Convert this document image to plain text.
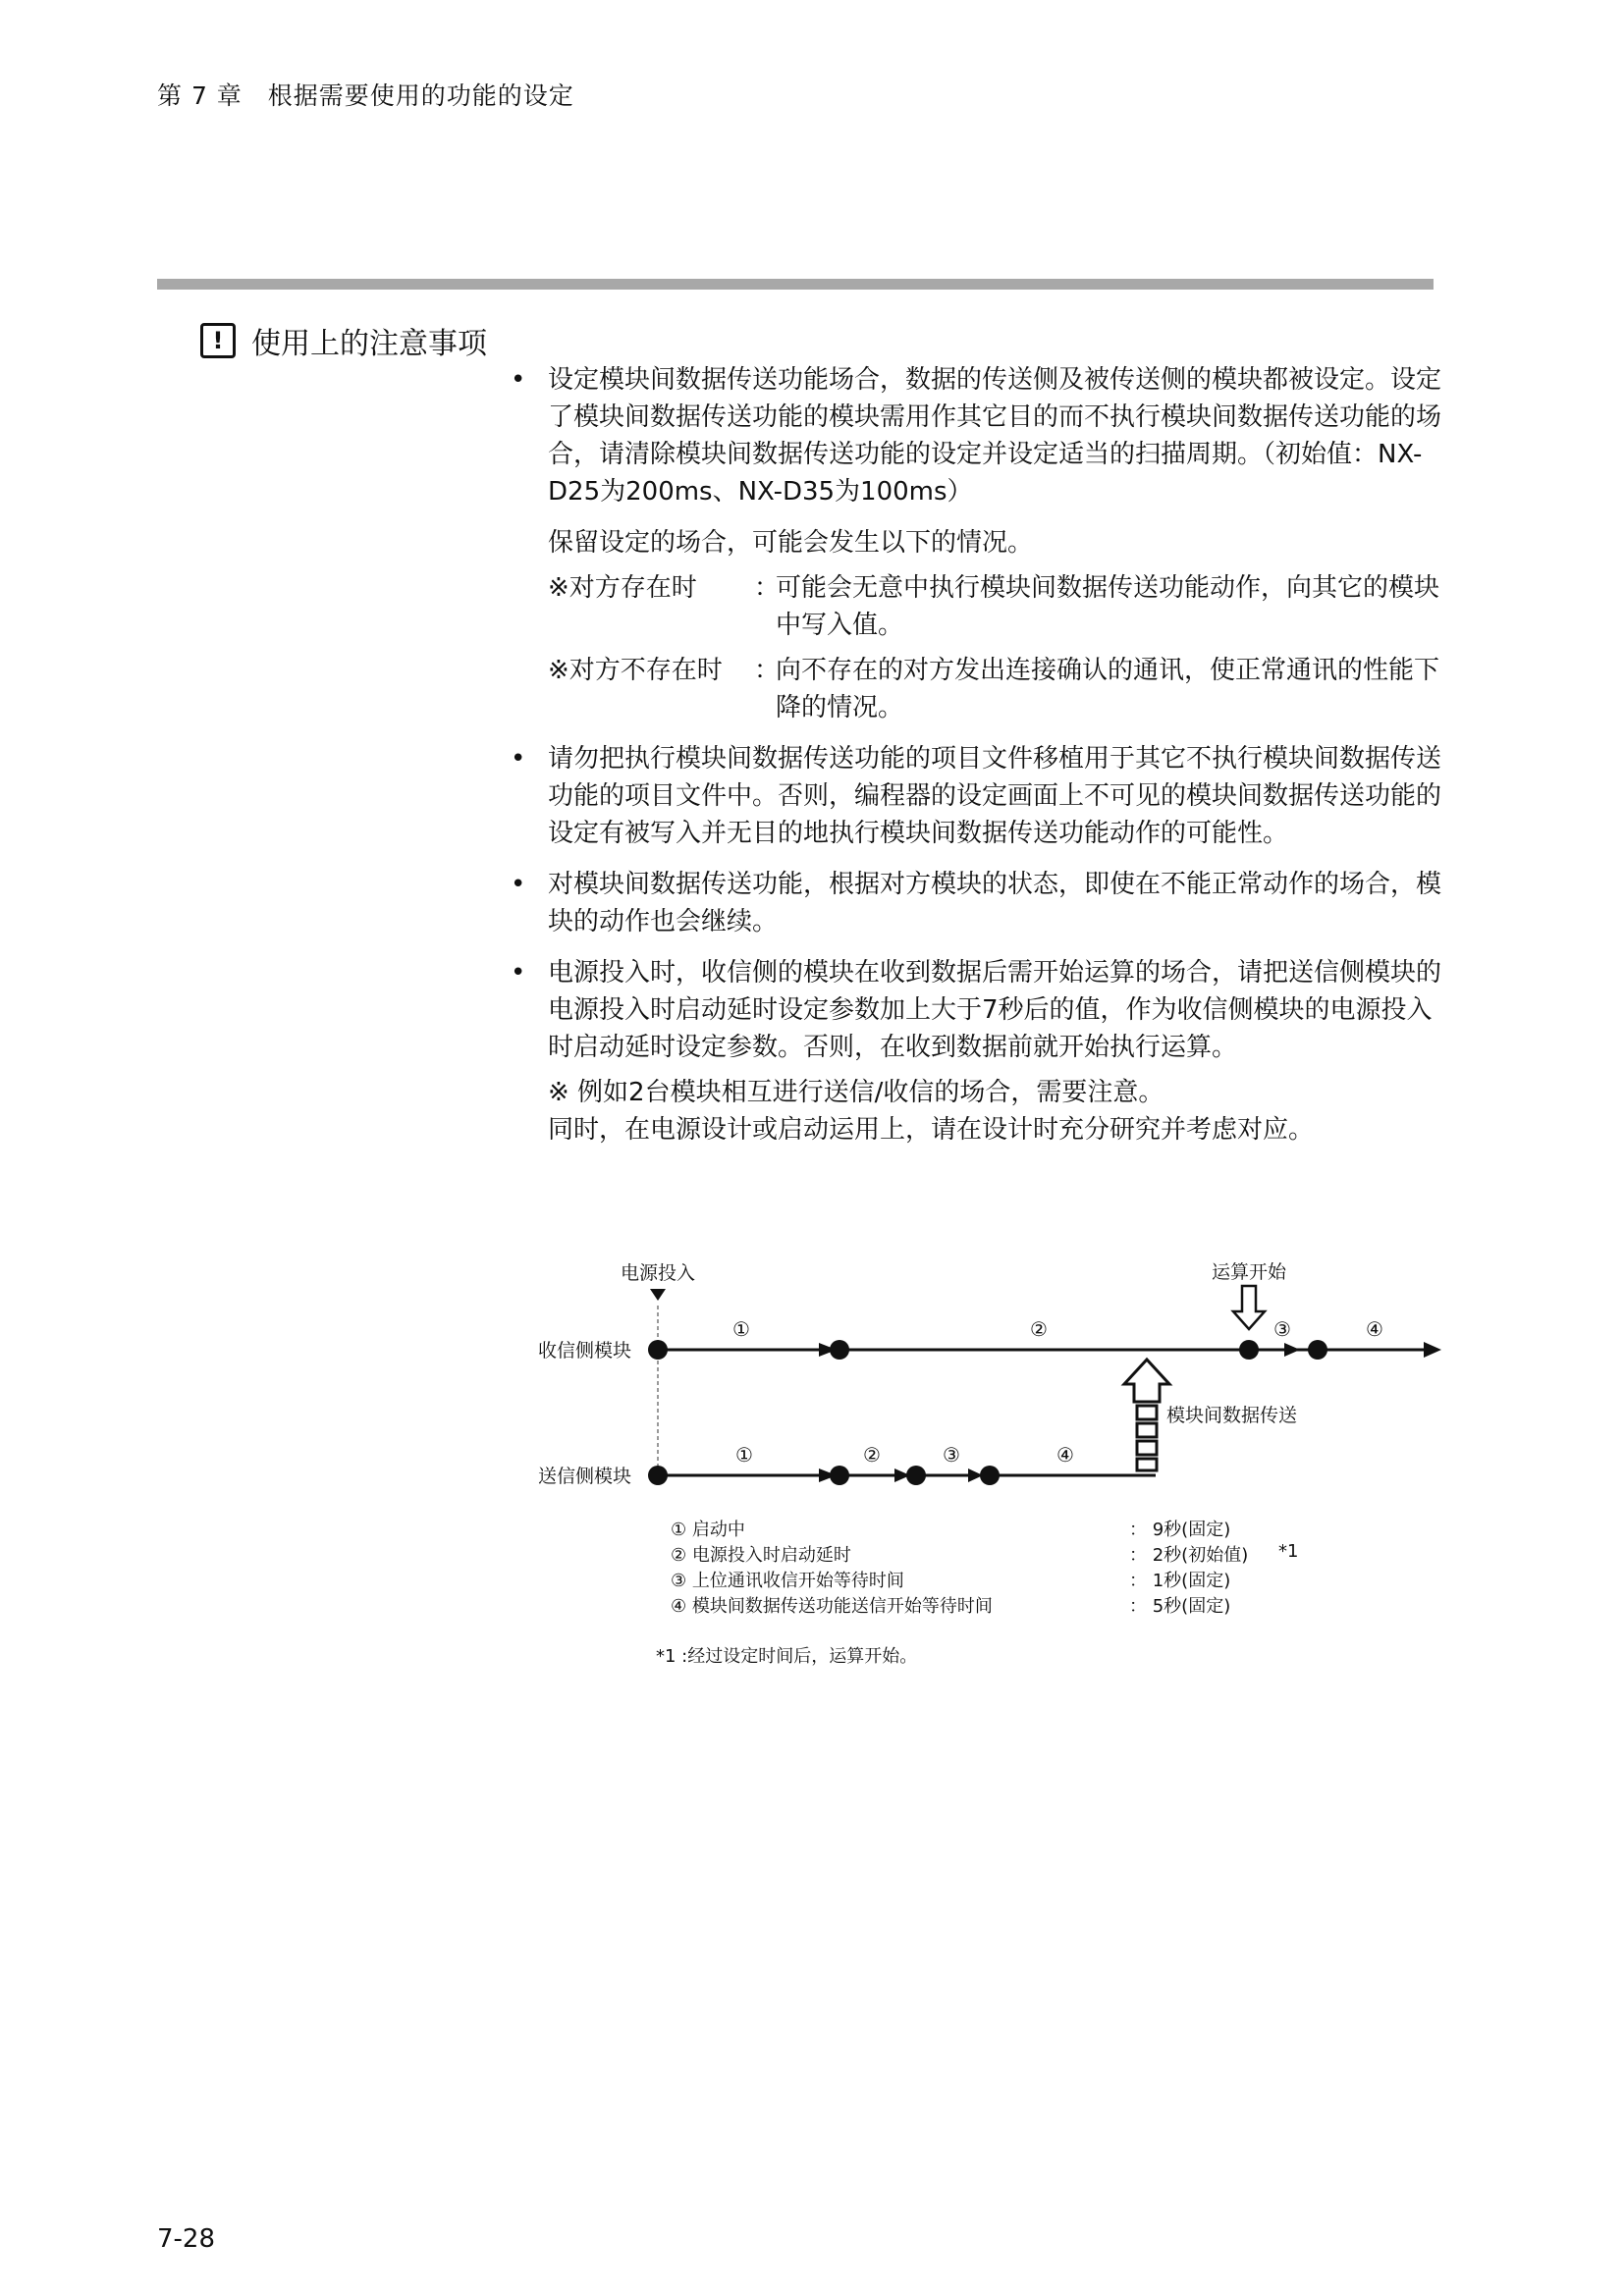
第 7 章　根据需要使用的功能的设定
! 使用上的注意事项
• 设定模块间数据传送功能场合，数据的传送侧及被传送侧的模块都被设定。设定了模块间数据传送功能的模块需用作其它目的而不执行模块间数据传送功能的场合，请清除模块间数据传送功能的设定并设定适当的扫描周期。（初始值：NX-D25为200ms、NX-D35为100ms）

保留设定的场合，可能会发生以下的情况。

※对方存在时	：
可能会无意中执行模块间数据传送功能动作，向其它的模块中写入值。
※对方不存在时	：
向不存在的对方发出连接确认的通讯，使正常通讯的性能下降的情况。
• 请勿把执行模块间数据传送功能的项目文件移植用于其它不执行模块间数据传送功能的项目文件中。否则，编程器的设定画面上不可见的模块间数据传送功能的设定有被写入并无目的地执行模块间数据传送功能动作的可能性。
• 对模块间数据传送功能，根据对方模块的状态，即使在不能正常动作的场合，模块的动作也会继续。
• 电源投入时，收信侧的模块在收到数据后需开始运算的场合，请把送信侧模块的电源投入时启动延时设定参数加上大于7秒后的值，作为收信侧模块的电源投入时启动延时设定参数。否则，在收到数据前就开始执行运算。

※ 例如2台模块相互进行送信/收信的场合，需要注意。

同时，在电源设计或启动运用上，请在设计时充分研究并考虑对应。

电源投入	运算开始
收信侧模块
送信侧模块
①	②	③	④
①	②	③	④
模块间数据传送
① 启动中	： 9秒(固定)
② 电源投入时启动延时	： 2秒(初始值) *1
③ 上位通讯收信开始等待时间	： 1秒(固定)
④ 模块间数据传送功能送信开始等待时间	： 5秒(固定)
*1 :经过设定时间后，运算开始。
7-28
